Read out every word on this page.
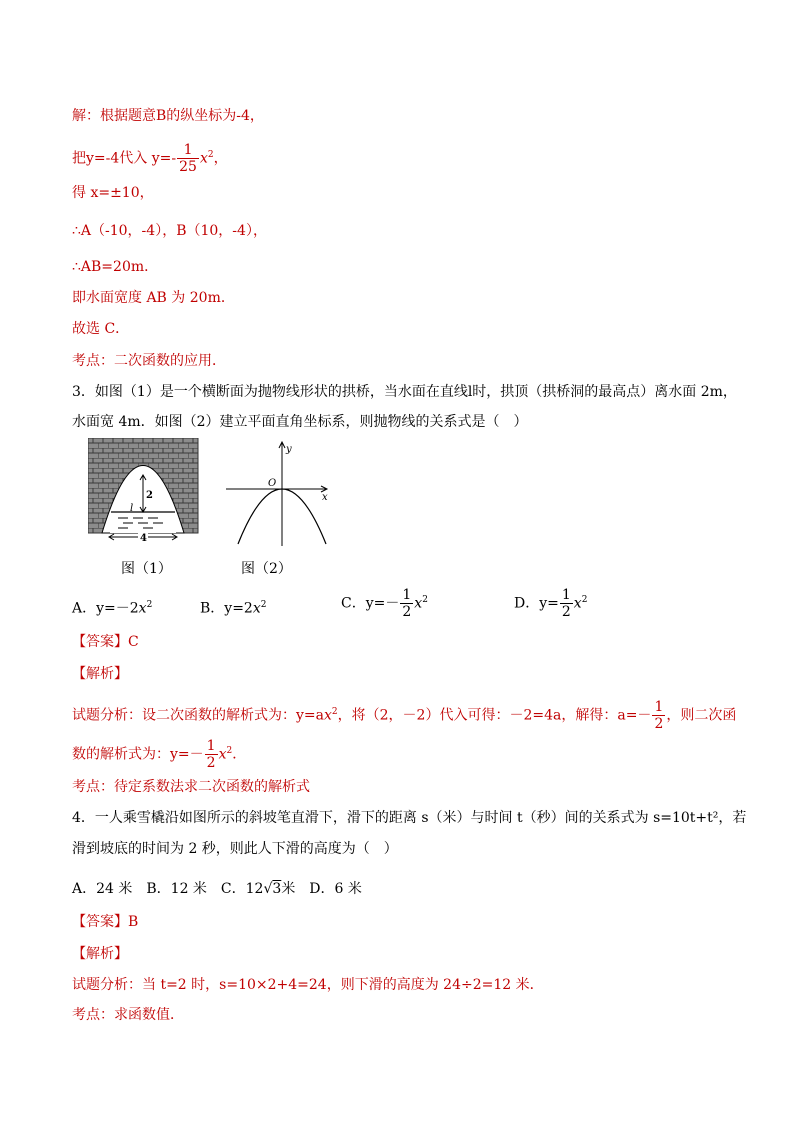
解：根据题意B的纵坐标为-4，
把y=-4代入 $y=- \frac{1}{25} x^2$，
得 x=±10，
∴A（-10，-4），B（10，-4），
∴AB=20m．
即水面宽度 AB 为 20m．
故选 C．
考点：二次函数的应用．
3．如图（1）是一个横断面为抛物线形状的拱桥，当水面在直线l时，拱顶（拱桥洞的最高点）离水面 2m，
水面宽 4m．如图（2）建立平面直角坐标系，则抛物线的关系式是（　）
2
l
4
图（1）
y
x
O
图（2）
A．$y=-2x^2$	B．$y=2x^2$	C．$y=- \frac{1}{2} x^2$	D．$y= \frac{1}{2} x^2$
【答案】C
【解析】
试题分析：设二次函数的解析式为：$y=ax^2$，将（2，－2）代入可得：－2=4a，解得：$a=- \frac{1}{2}$ ，则二次函
数的解析式为：$y=- \frac{1}{2} x^2$．
考点：待定系数法求二次函数的解析式
4．一人乘雪橇沿如图所示的斜坡笔直滑下，滑下的距离 s（米）与时间 t（秒）间的关系式为 s=10t+t²，若
滑到坡底的时间为 2 秒，则此人下滑的高度为（　）
A．24 米　B．12 米　C．12√3米　D．6 米
【答案】B
【解析】
试题分析：当 t=2 时，s=10×2+4=24，则下滑的高度为 24÷2=12 米．
考点：求函数值．
